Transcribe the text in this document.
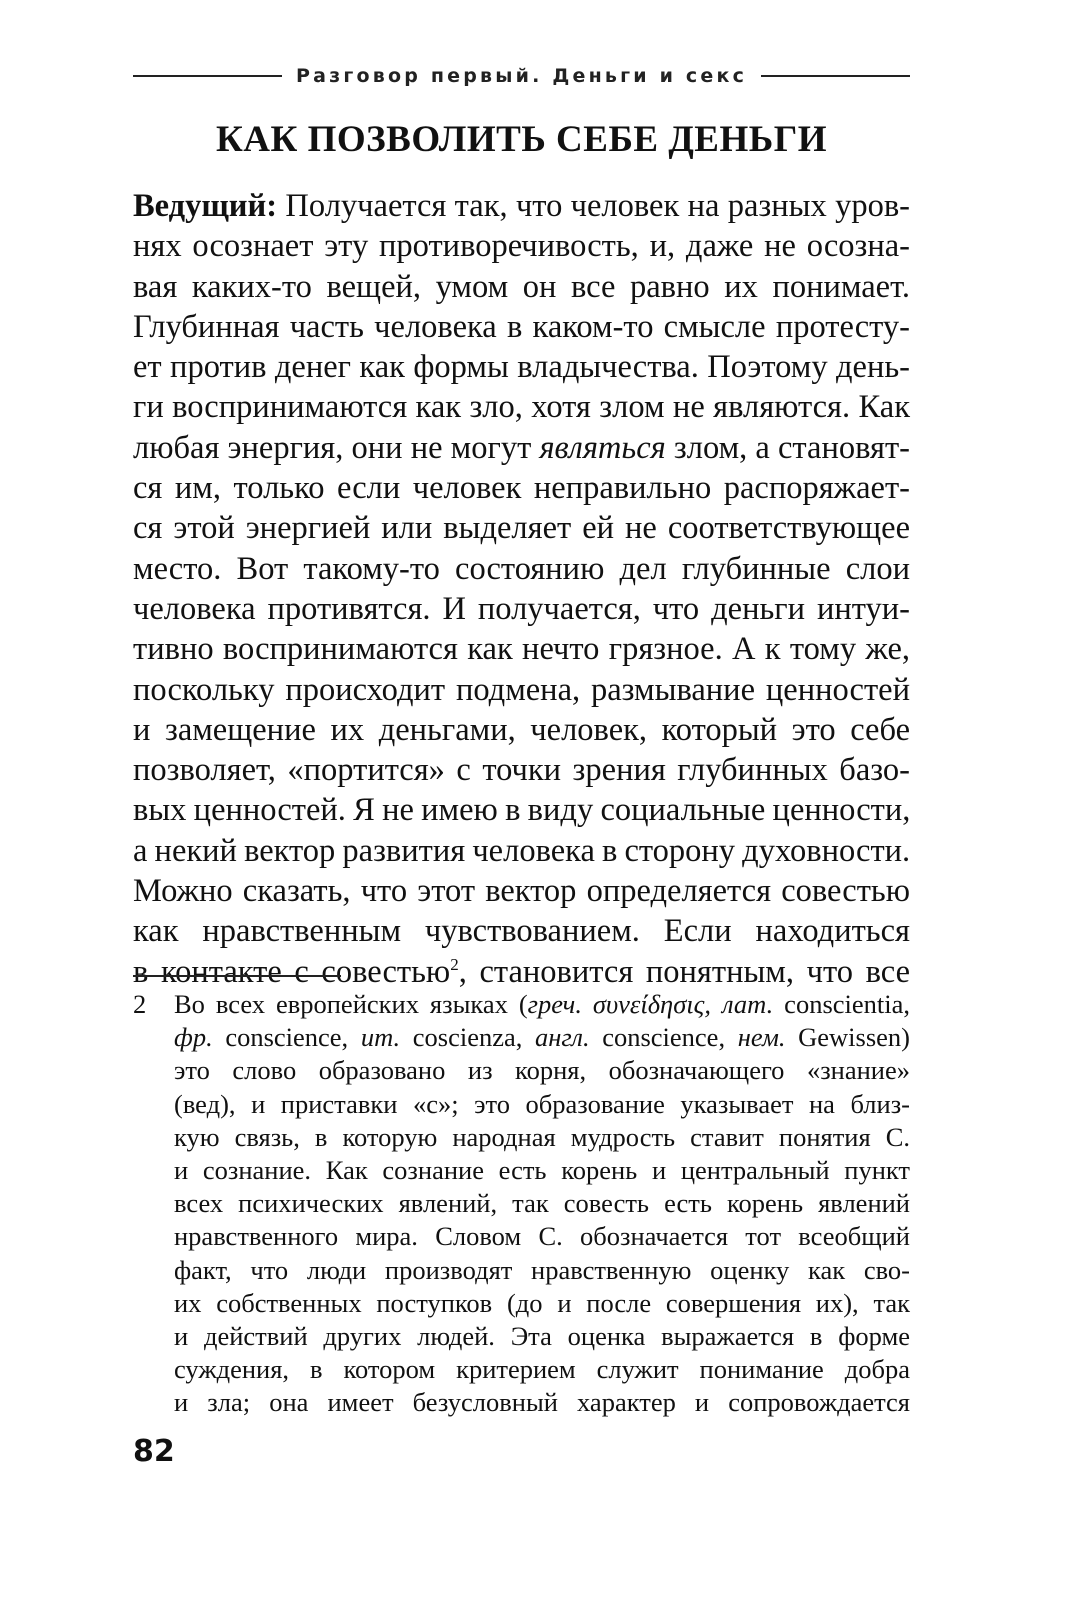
Разговор первый. Деньги и секс
КАК ПОЗВОЛИТЬ СЕБЕ ДЕНЬГИ
Ведущий: Получается так, что человек на разных уров-
нях осознает эту противоречивость, и, даже не осозна-
вая каких-то вещей, умом он все равно их понимает.
Глубинная часть человека в каком-то смысле протесту-
ет против денег как формы владычества. Поэтому день-
ги воспринимаются как зло, хотя злом не являются. Как
любая энергия, они не могут являться злом, а становят-
ся им, только если человек неправильно распоряжает-
ся этой энергией или выделяет ей не соответствующее
место. Вот такому-то состоянию дел глубинные слои
человека противятся. И получается, что деньги интуи-
тивно воспринимаются как нечто грязное. А к тому же,
поскольку происходит подмена, размывание ценностей
и замещение их деньгами, человек, который это себе
позволяет, «портится» с точки зрения глубинных базо-
вых ценностей. Я не имею в виду социальные ценности,
а некий вектор развития человека в сторону духовности.
Можно сказать, что этот вектор определяется совестью
как нравственным чувствованием. Если находиться
в контакте с совестью$^2$, становится понятным, что все
2 Во всех европейских языках (греч. συνείδησις, лат. conscientia,
фр. conscience, ит. coscienza, англ. conscience, нем. Gewissen)
это слово образовано из корня, обозначающего «знание»
(вед), и приставки «с»; это образование указывает на близ-
кую связь, в которую народная мудрость ставит понятия С.
и сознание. Как сознание есть корень и центральный пункт
всех психических явлений, так совесть есть корень явлений
нравственного мира. Словом С. обозначается тот всеобщий
факт, что люди производят нравственную оценку как сво-
их собственных поступков (до и после совершения их), так
и действий других людей. Эта оценка выражается в форме
суждения, в котором критерием служит понимание добра
и зла; она имеет безусловный характер и сопровождается
82
